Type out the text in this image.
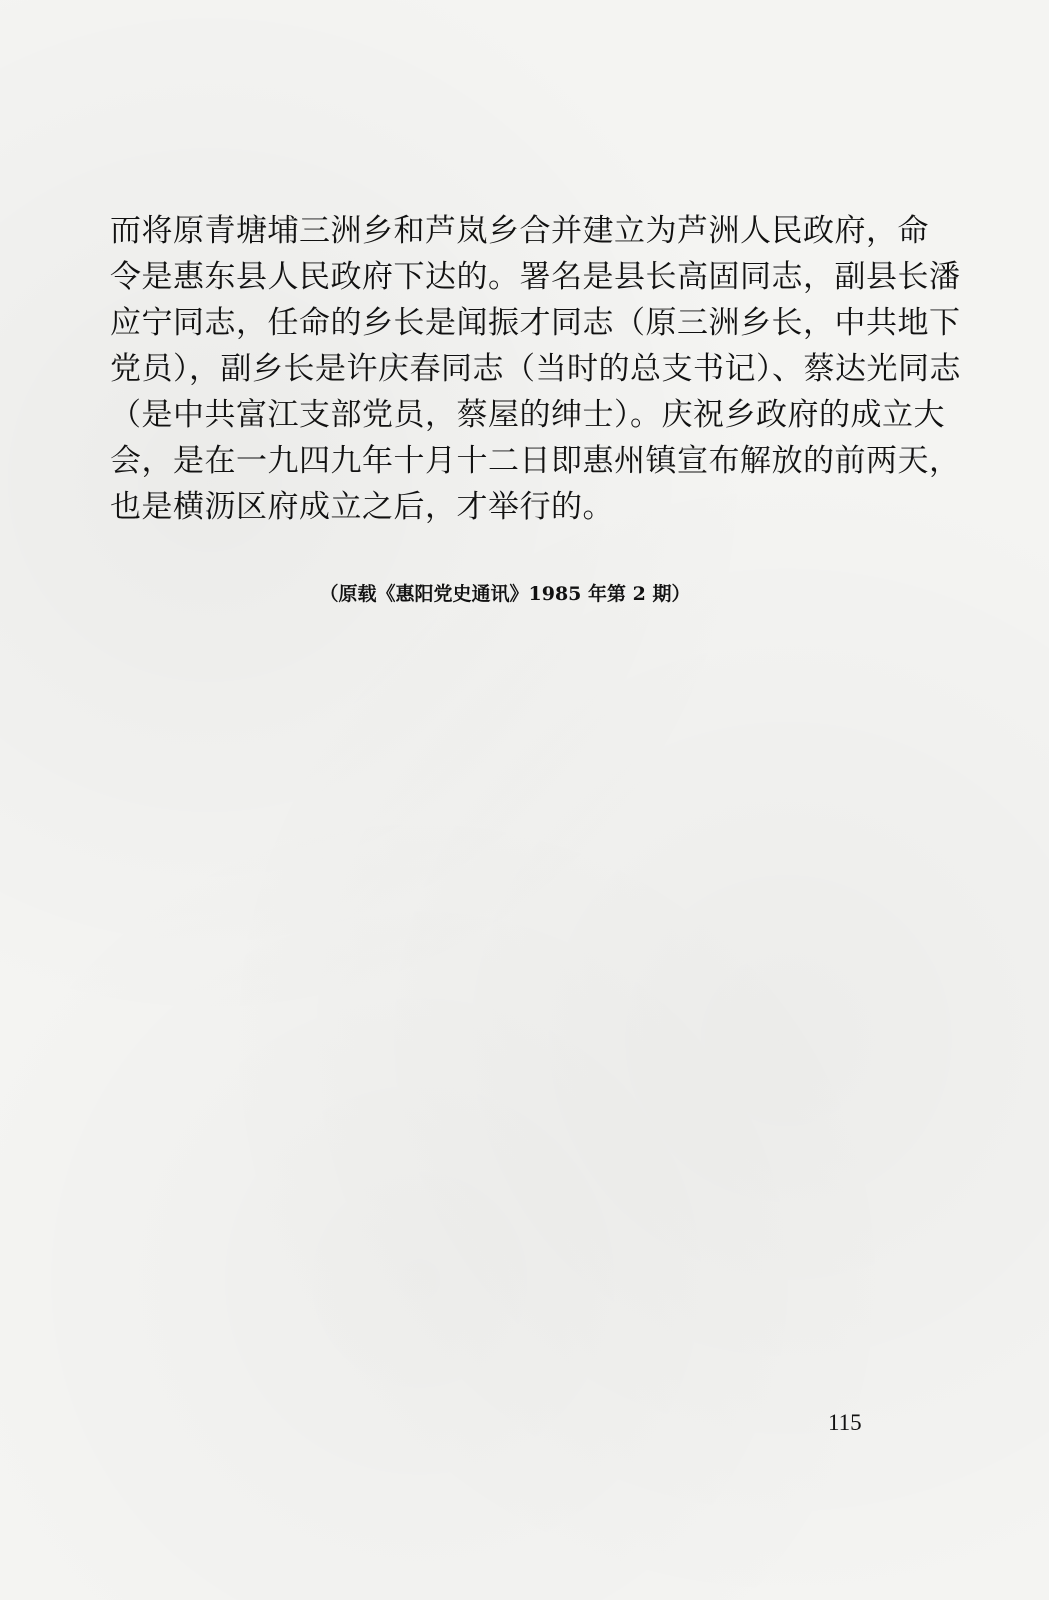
而将原青塘埔三洲乡和芦岚乡合并建立为芦洲人民政府，命
令是惠东县人民政府下达的。署名是县长高固同志，副县长潘
应宁同志，任命的乡长是闻振才同志（原三洲乡长，中共地下
党员），副乡长是许庆春同志（当时的总支书记）、蔡达光同志
（是中共富江支部党员，蔡屋的绅士）。庆祝乡政府的成立大
会，是在一九四九年十月十二日即惠州镇宣布解放的前两天，
也是横沥区府成立之后，才举行的。
（原载《惠阳党史通讯》1985 年第 2 期）
115
